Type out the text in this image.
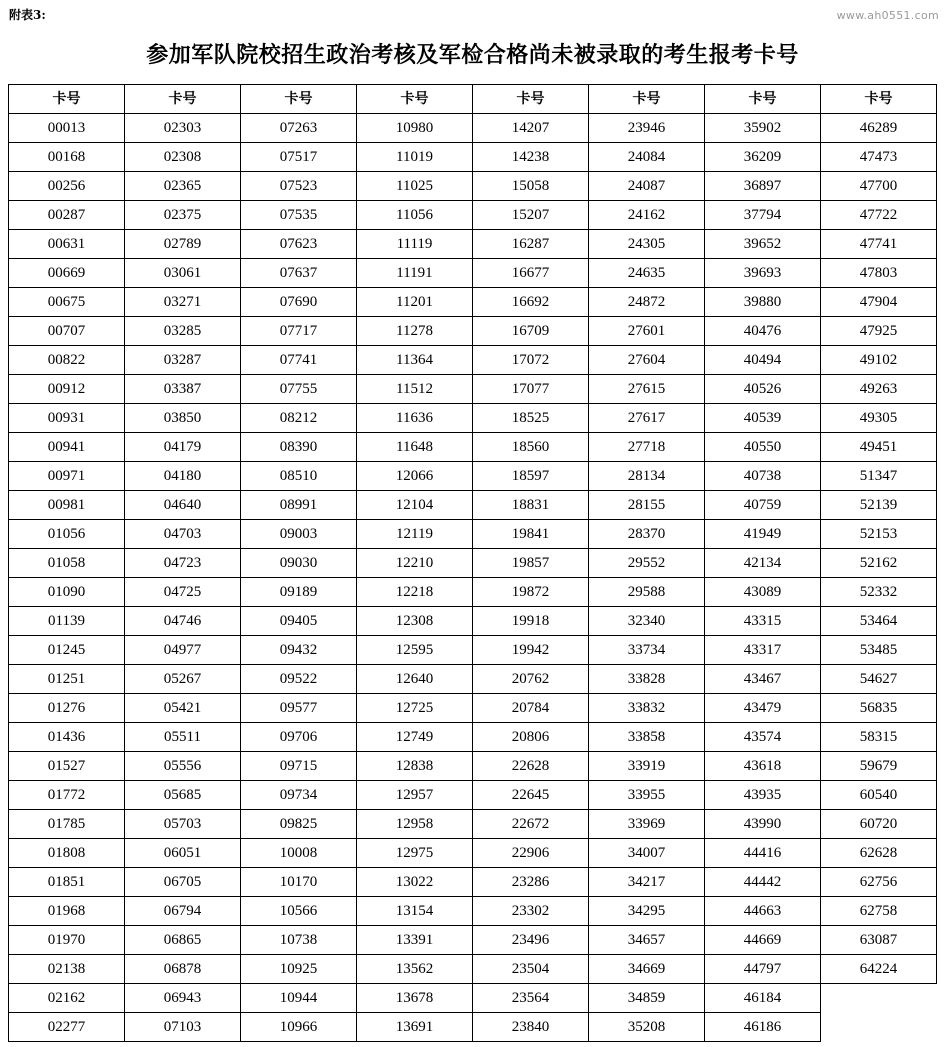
www.ah0551.com
附表3:
参加军队院校招生政治考核及军检合格尚未被录取的考生报考卡号
卡号	卡号	卡号	卡号	卡号	卡号	卡号	卡号
00013	02303	07263	10980	14207	23946	35902	46289
00168	02308	07517	11019	14238	24084	36209	47473
00256	02365	07523	11025	15058	24087	36897	47700
00287	02375	07535	11056	15207	24162	37794	47722
00631	02789	07623	11119	16287	24305	39652	47741
00669	03061	07637	11191	16677	24635	39693	47803
00675	03271	07690	11201	16692	24872	39880	47904
00707	03285	07717	11278	16709	27601	40476	47925
00822	03287	07741	11364	17072	27604	40494	49102
00912	03387	07755	11512	17077	27615	40526	49263
00931	03850	08212	11636	18525	27617	40539	49305
00941	04179	08390	11648	18560	27718	40550	49451
00971	04180	08510	12066	18597	28134	40738	51347
00981	04640	08991	12104	18831	28155	40759	52139
01056	04703	09003	12119	19841	28370	41949	52153
01058	04723	09030	12210	19857	29552	42134	52162
01090	04725	09189	12218	19872	29588	43089	52332
01139	04746	09405	12308	19918	32340	43315	53464
01245	04977	09432	12595	19942	33734	43317	53485
01251	05267	09522	12640	20762	33828	43467	54627
01276	05421	09577	12725	20784	33832	43479	56835
01436	05511	09706	12749	20806	33858	43574	58315
01527	05556	09715	12838	22628	33919	43618	59679
01772	05685	09734	12957	22645	33955	43935	60540
01785	05703	09825	12958	22672	33969	43990	60720
01808	06051	10008	12975	22906	34007	44416	62628
01851	06705	10170	13022	23286	34217	44442	62756
01968	06794	10566	13154	23302	34295	44663	62758
01970	06865	10738	13391	23496	34657	44669	63087
02138	06878	10925	13562	23504	34669	44797	64224
02162	06943	10944	13678	23564	34859	46184	
02277	07103	10966	13691	23840	35208	46186	
